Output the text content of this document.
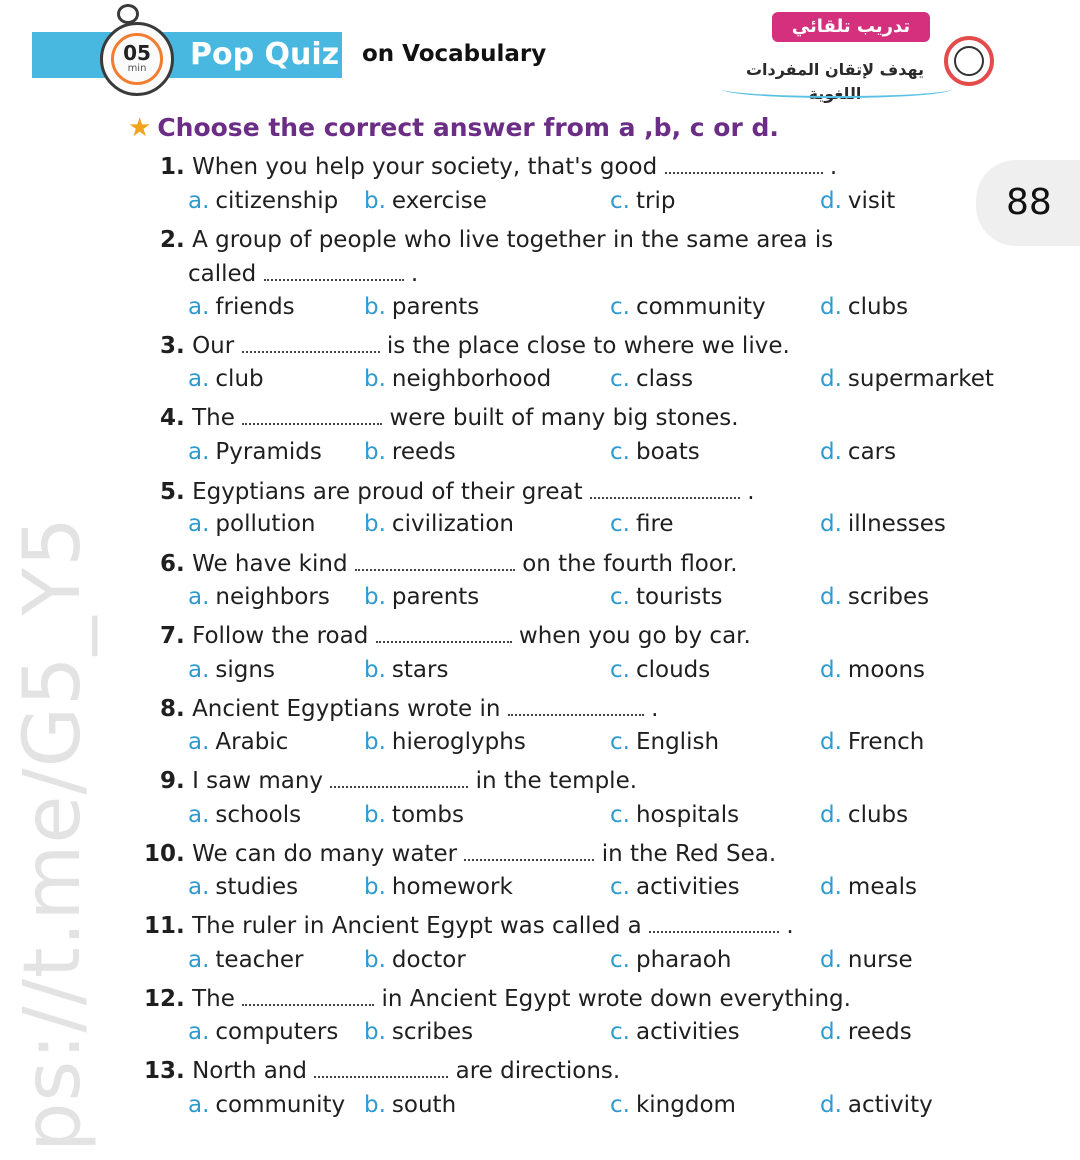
ps://t.me/G5_Y5
Pop Quiz on Vocabulary
05
min
تدريب تلقائي
يهدف لإتقان المفردات اللغوية
88
★ Choose the correct answer from a ,b, c or d.
1. When you help your society, that's good	.
a. citizenship b. exercise	c. trip	d. visit
2. A group of people who live together in the same area is
called	.
a. friends	b. parents	c. community d. clubs
3. Our	is the place close to where we live.
a. club	b. neighborhood	c. class	d. supermarket
4. The	were built of many big stones.
a. Pyramids b. reeds	c. boats	d. cars
5. Egyptians are proud of their great	.
a. pollution b. civilization	c. fire	d. illnesses
6. We have kind	on the fourth floor.
a. neighbors b. parents	c. tourists	d. scribes
7. Follow the road	when you go by car.
a. signs	b. stars	c. clouds	d. moons
8. Ancient Egyptians wrote in	.
a. Arabic	b. hieroglyphs	c. English	d. French
9. I saw many	in the temple.
a. schools	b. tombs	c. hospitals	d. clubs
10. We can do many water	in the Red Sea.
a. studies	b. homework	c. activities	d. meals
11. The ruler in Ancient Egypt was called a	.
a. teacher	b. doctor	c. pharaoh	d. nurse
12. The	in Ancient Egypt wrote down everything.
a. computers b. scribes	c. activities	d. reeds
13. North and	are directions.
a. community b. south	c. kingdom	d. activity
